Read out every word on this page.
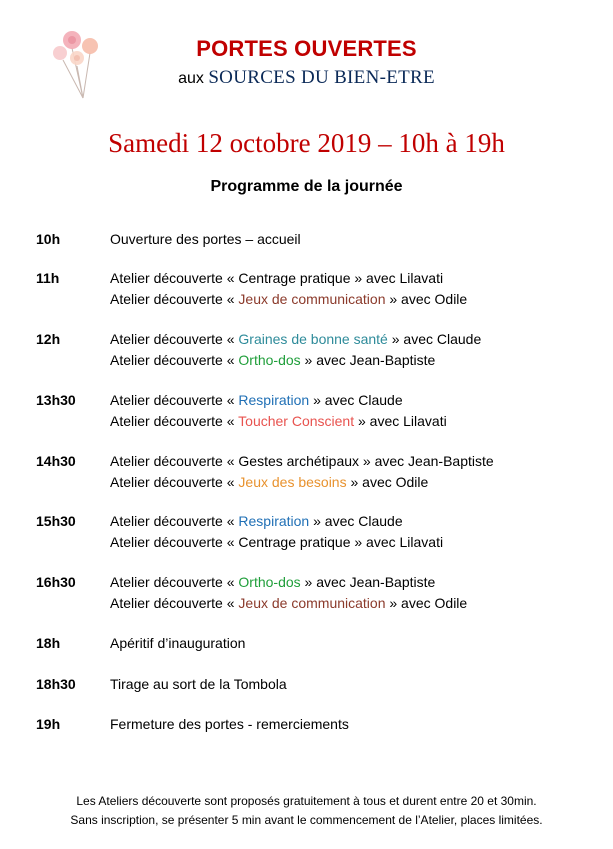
PORTES OUVERTES
aux SOURCES DU BIEN-ETRE
Samedi 12 octobre 2019 – 10h à 19h
Programme de la journée
10h	Ouverture des portes – accueil
11h	Atelier découverte « Centrage pratique » avec Lilavati
Atelier découverte « Jeux de communication » avec Odile
12h	Atelier découverte « Graines de bonne santé » avec Claude
Atelier découverte « Ortho-dos » avec Jean-Baptiste
13h30 Atelier découverte « Respiration » avec Claude
Atelier découverte « Toucher Conscient » avec Lilavati
14h30 Atelier découverte « Gestes archétipaux » avec Jean-Baptiste
Atelier découverte « Jeux des besoins » avec Odile
15h30 Atelier découverte « Respiration » avec Claude
Atelier découverte « Centrage pratique » avec Lilavati
16h30 Atelier découverte « Ortho-dos » avec Jean-Baptiste
Atelier découverte « Jeux de communication » avec Odile
18h	Apéritif d’inauguration
18h30 Tirage au sort de la Tombola
19h	Fermeture des portes - remerciements
Les Ateliers découverte sont proposés gratuitement à tous et durent entre 20 et 30min.
Sans inscription, se présenter 5 min avant le commencement de l’Atelier, places limitées.
